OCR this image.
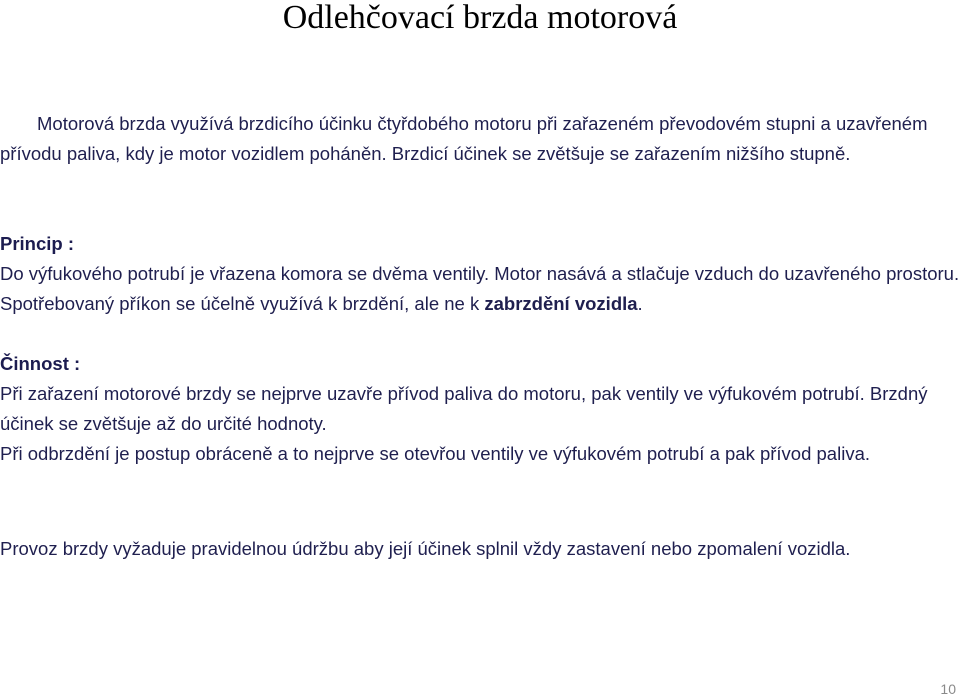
Odlehčovací brzda motorová

Motorová brzda využívá brzdicího účinku čtyřdobého motoru při zařazeném převodovém stupni a uzavřeném přívodu paliva, kdy je motor vozidlem poháněn. Brzdicí účinek se zvětšuje se zařazením nižšího stupně.

Princip :
Do výfukového potrubí je vřazena komora se dvěma ventily. Motor nasává a stlačuje vzduch do uzavřeného prostoru. Spotřebovaný příkon se účelně využívá k brzdění, ale ne k zabrzdění vozidla.
Činnost :
Při zařazení motorové brzdy se nejprve uzavře přívod paliva do motoru, pak ventily ve výfukovém potrubí. Brzdný účinek se zvětšuje až do určité hodnoty.
Při odbrzdění je postup obráceně a to nejprve se otevřou ventily ve výfukovém potrubí a pak přívod paliva.
Provoz brzdy vyžaduje pravidelnou údržbu aby její účinek splnil vždy zastavení nebo zpomalení vozidla.
10
